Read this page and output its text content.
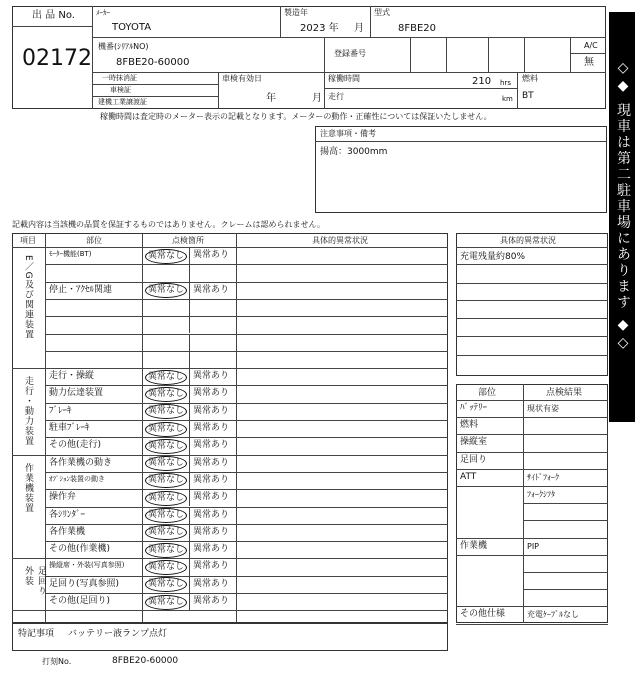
出 品 No.
02172
ﾒｰｶｰ
TOYOTA
製造年
2023 年 月
型式
8FBE20
機番(ｼﾘｱﾙNO)
8FBE20-60000
登録番号
A/C
無
一時抹消証
車検証
建機工業譲渡証
車検有効日
年	月
稼働時間	210 hrs
走行	km
燃料
BT
稼働時間は査定時のメーター表示の記載となります。メーターの動作・正確性については保証いたしません。
注意事項・備考
揚高：3000mm
記載内容は当該機の品質を保証するものではありません。クレームは認められません。
項目	部位	点検箇所	具体的異常状況
ﾓｰﾀｰ機能(BT)	異常なし	異常あり
停止・ｱｸｾﾙ関連	異常なし	異常あり
E／G及び関連装置
走行・操縦	異常なし	異常あり
動力伝達装置	異常なし	異常あり
ﾌﾞﾚｰｷ	異常なし	異常あり
駐車ﾌﾞﾚｰｷ	異常なし	異常あり
その他(走行)	異常なし	異常あり
走行・動力装置
各作業機の動き	異常なし	異常あり
ｵﾌﾟｼｮﾝ装置の動き	異常なし	異常あり
操作弁	異常なし	異常あり
各ｼﾘﾝﾀﾞｰ	異常なし	異常あり
各作業機	異常なし	異常あり
その他(作業機)	異常なし	異常あり
作業機装置
操縦席・外装(写真参照)	異常なし	異常あり
足回り(写真参照)	異常なし	異常あり
その他(足回り)	異常なし	異常あり
足回り外装
具体的異常状況
充電残量約80%
部位	点検結果
ﾊﾞｯﾃﾘｰ	現状有姿
燃料
操縦室
足回り
ATT	ｻｲﾄﾞﾌｫｰｸ
ﾌｫｰｸｼﾌﾀ
作業機	PIP
その他仕様	充電ｹｰﾌﾞﾙなし
特記事項 バッテリー液ランプ点灯
打刻No.	8FBE20-60000
◇◆ 現車は第二駐車場にあります ◆◇
